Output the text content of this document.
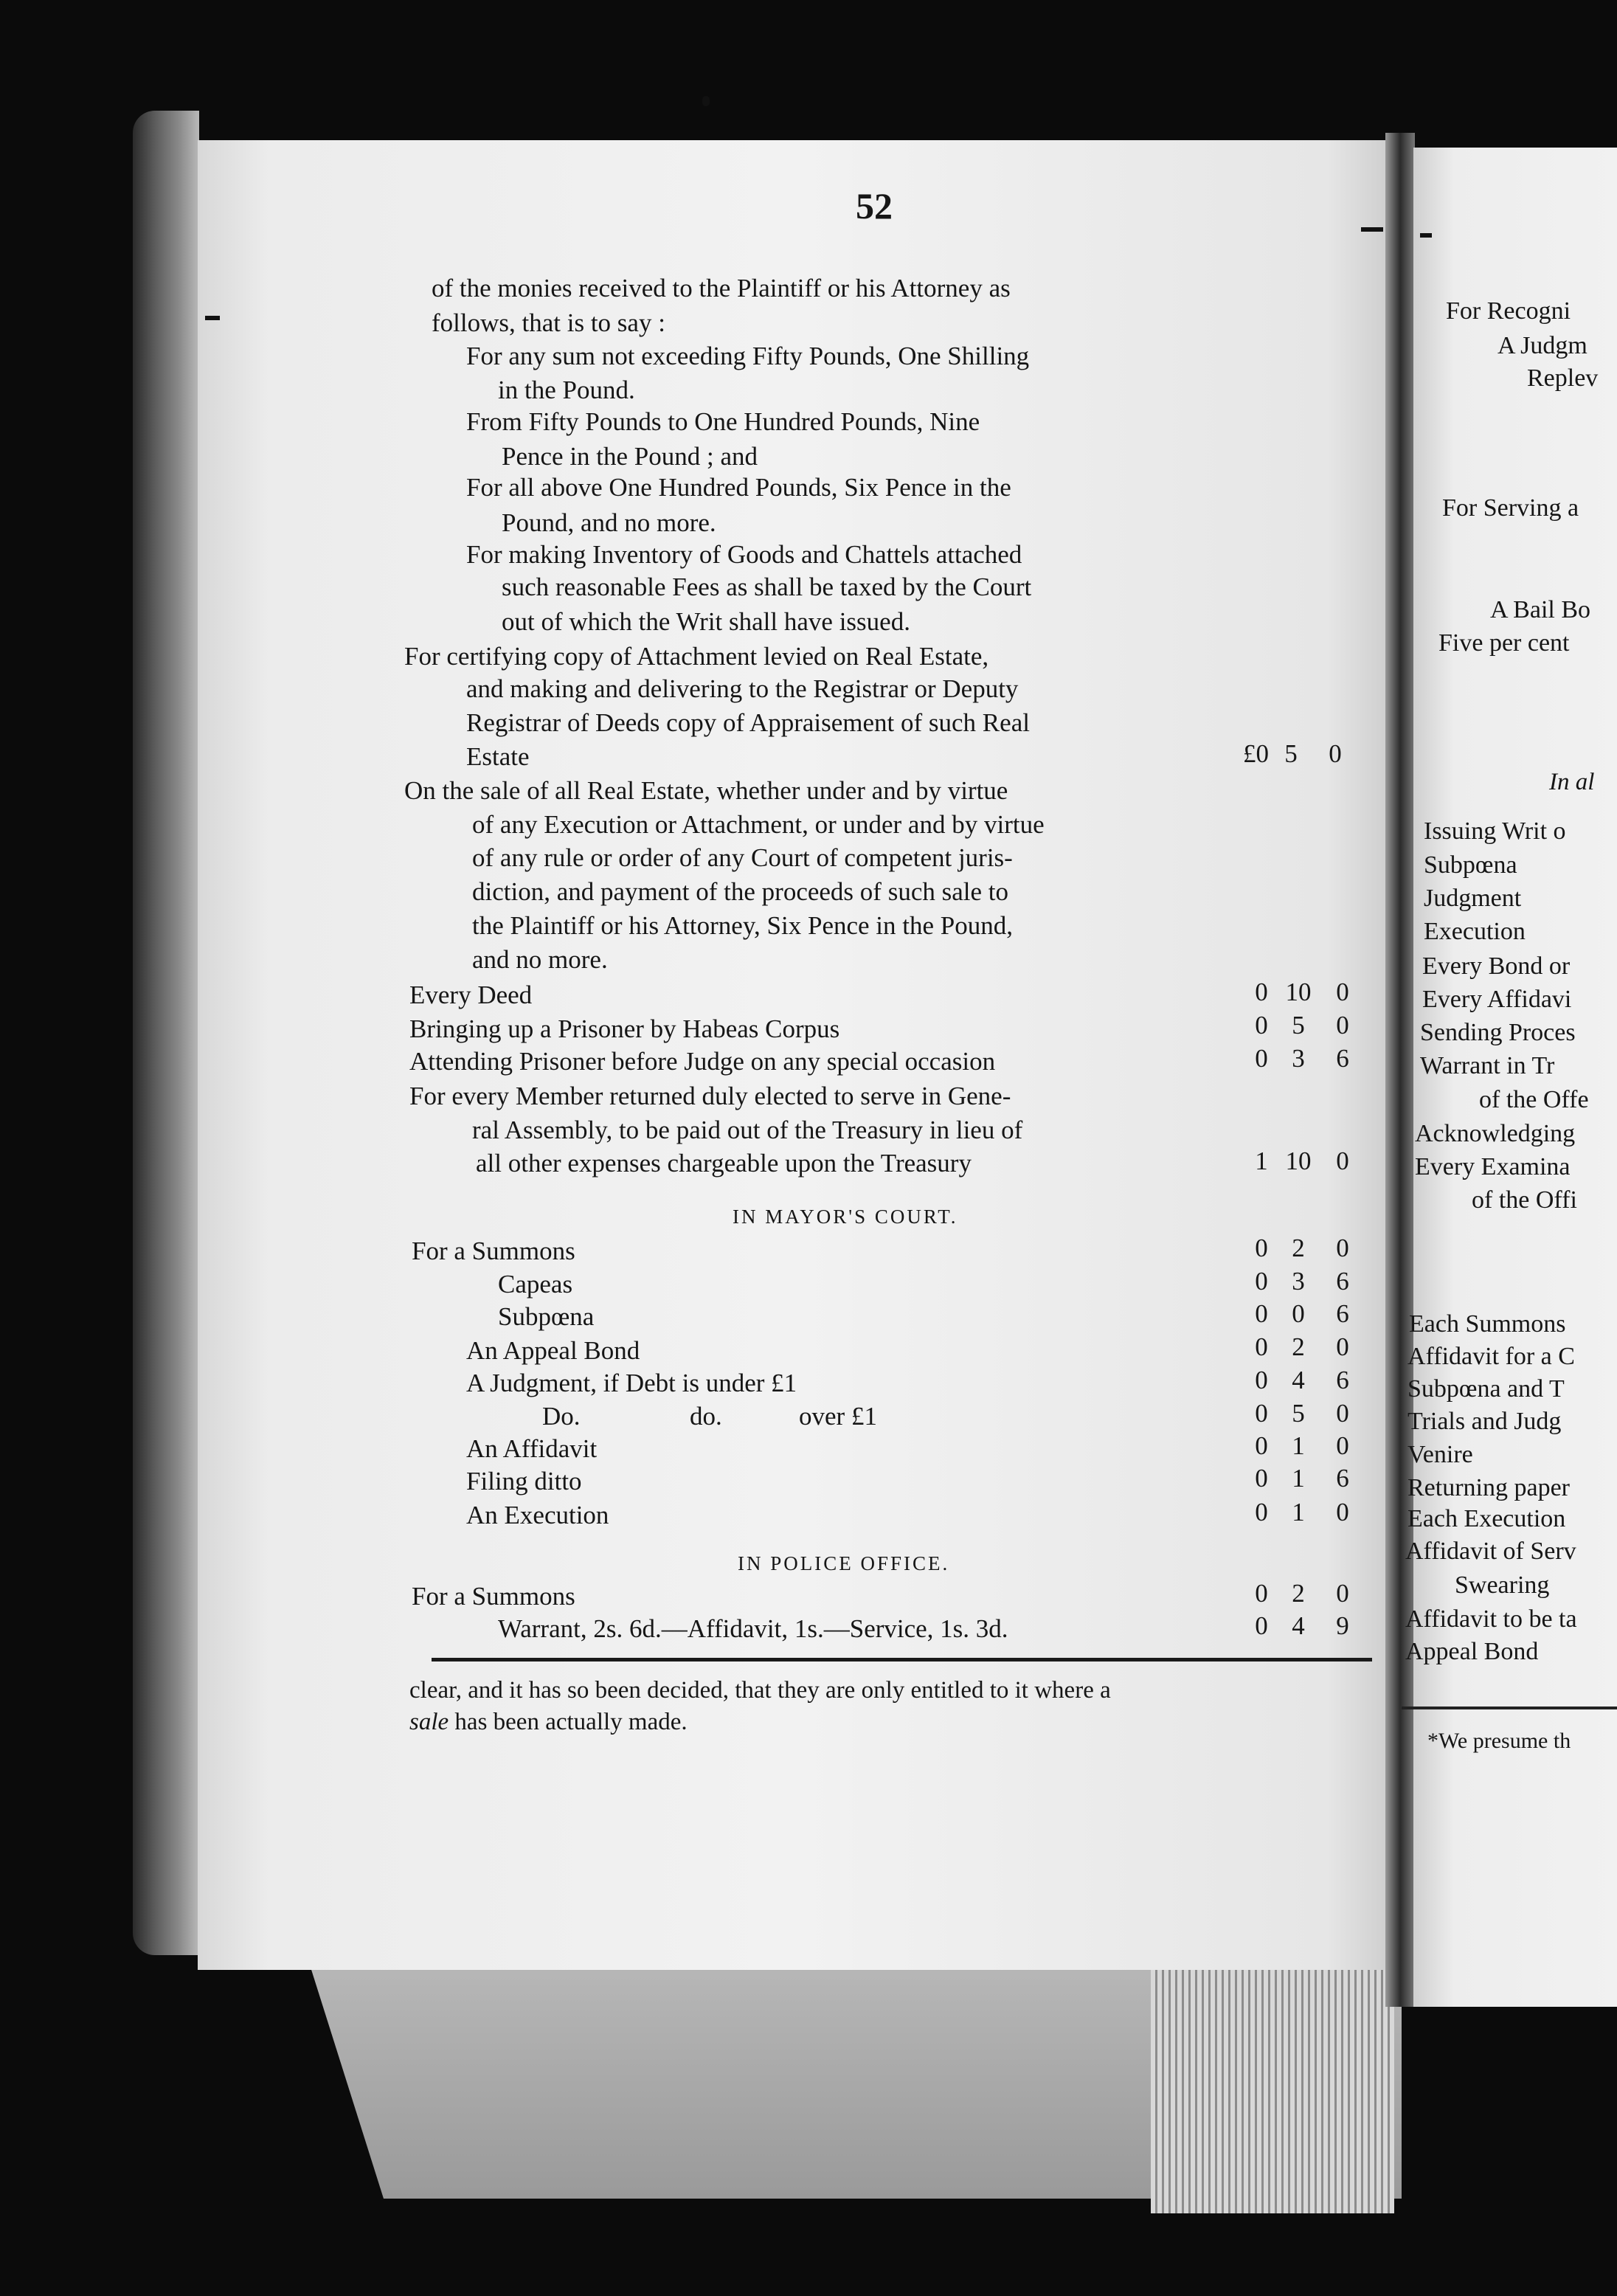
52
of the monies received to the Plaintiff or his Attorney as
follows, that is to say :
For any sum not exceeding Fifty Pounds, One Shilling
in the Pound.
From Fifty Pounds to One Hundred Pounds, Nine
Pence in the Pound ; and
For all above One Hundred Pounds, Six Pence in the
Pound, and no more.
For making Inventory of Goods and Chattels attached
such reasonable Fees as shall be taxed by the Court
out of which the Writ shall have issued.
For certifying copy of Attachment levied on Real Estate,
and making and delivering to the Registrar or Deputy
Registrar of Deeds copy of Appraisement of such Real
Estate	£0 5 0
On the sale of all Real Estate, whether under and by virtue
of any Execution or Attachment, or under and by virtue
of any rule or order of any Court of competent juris-
diction, and payment of the proceeds of such sale to
the Plaintiff or his Attorney, Six Pence in the Pound,
and no more.
Every Deed	0 10 0
Bringing up a Prisoner by Habeas Corpus	0 5 0
Attending Prisoner before Judge on any special occasion	0 3 6
For every Member returned duly elected to serve in Gene-
ral Assembly, to be paid out of the Treasury in lieu of
all other expenses chargeable upon the Treasury	1 10 0
IN MAYOR'S COURT.
For a Summons	0 2 0
Capeas	0 3 6
Subpœna	0 0 6
An Appeal Bond	0 2 0
A Judgment, if Debt is under £1	0 4 6
Do.	do.	over £1	0 5 0
An Affidavit	0 1 0
Filing ditto	0 1 6
An Execution	0 1 0
IN POLICE OFFICE.
For a Summons	0 2 0
Warrant, 2s. 6d.—Affidavit, 1s.—Service, 1s. 3d.	0 4 9
clear, and it has so been decided, that they are only entitled to it where a
sale has been actually made.
For Recogni
A Judgm
Replev
For Serving a
A Bail Bo
Five per cent
In al
Issuing Writ o
Subpœna
Judgment
Execution
Every Bond or
Every Affidavi
Sending Proces
Warrant in Tr
of the Offe
Acknowledging
Every Examina
of the Offi
Each Summons
Affidavit for a C
Subpœna and T
Trials and Judg
Venire
Returning paper
Each Execution
Affidavit of Serv
Swearing
Affidavit to be ta
Appeal Bond
*We presume th
